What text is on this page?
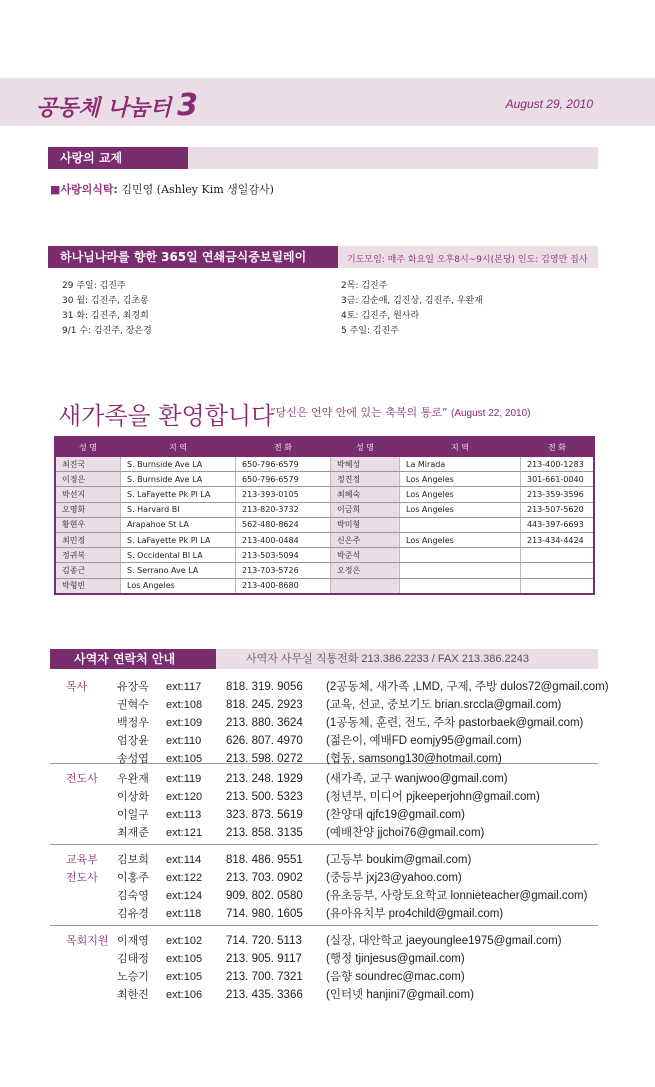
공동체 나눔터 3	August 29, 2010
사랑의 교제
■사랑의식탁: 김민영 (Ashley Kim 생일감사)
하나님나라를 향한 365일 연쇄금식중보릴레이	기도모임: 매주 화요일 오후8시~9시(본당) 인도: 김영만 집사
29 주일: 김진주
30 월: 김진주, 김초롱
31 화: 김진주, 최경희
9/1 수: 김진주, 장은경
2목: 김진주
3금: 김순애, 김진상, 김진주, 우완재
4토: 김진주, 원사라
5 주일: 김진주
새가족을 환영합니다
“당신은 언약 안에 있는 축복의 통로” (August 22, 2010)
성 명	지 역	전 화	성 명	지 역	전 화
최진국	S. Burnside Ave LA	650-796-6579	박혜성	La Mirada	213-400-1283
이정은	S. Burnside Ave LA	650-796-6579	정진정	Los Angeles	301-661-0040
박선지	S. LaFayette Pk Pl LA	213-393-0105	최혜숙	Los Angeles	213-359-3596
오명화	S. Harvard Bl	213-820-3732	이금희	Los Angeles	213-507-5620
황현우	Arapahoe St LA	562-480-8624	박미형		443-397-6693
최민정	S. LaFayette Pk Pl LA	213-400-0484	신은주	Los Angeles	213-434-4424
정귀복	S. Occidental Bl LA	213-503-5094	박준석		
김종근	S. Serrano Ave LA	213-703-5726	오정은		
박형빈	Los Angeles	213-400-8680			
사역자 연락처 안내	사역자 사무실 직통전화 213.386.2233 / FAX 213.386.2243
목사	유장옥 ext:117 818. 319. 9056 (2공동체, 새가족 ,LMD, 구제, 주방 dulos72@gmail.com)
권혁수 ext:108 818. 245. 2923 (교육, 선교, 중보기도 brian.srccla@gmail.com)
백정우 ext:109 213. 880. 3624 (1공동체, 훈련, 전도, 주차 pastorbaek@gmail.com)
엄장윤 ext:110 626. 807. 4970 (젊은이, 예배FD eomjy95@gmail.com)
송성엽 ext:105 213. 598. 0272 (협동, samsong130@hotmail.com)
전도사 우완재 ext:119 213. 248. 1929 (새가족, 교구 wanjwoo@gmail.com)
이상화 ext:120 213. 500. 5323 (청년부, 미디어 pjkeeperjohn@gmail.com)
이일구 ext:113 323. 873. 5619 (찬양대 qjfc19@gmail.com)
최재준 ext:121 213. 858. 3135 (예배찬양 jjchoi76@gmail.com)
교육부 김보희 ext:114 818. 486. 9551 (고등부 boukim@gmail.com)
전도사 이홍주 ext:122 213. 703. 0902 (중등부 jxj23@yahoo.com)
김숙영 ext:124 909. 802. 0580 (유초등부, 사랑토요학교 lonnieteacher@gmail.com)
김유경 ext:118 714. 980. 1605 (유아유치부 pro4child@gmail.com)
목회지원 이재영 ext:102 714. 720. 5113 (실장, 대안학교 jaeyounglee1975@gmail.com)
김태정 ext:105 213. 905. 9117 (행정 tjinjesus@gmail.com)
노승기 ext:105 213. 700. 7321 (음향 soundrec@mac.com)
최한진 ext:106 213. 435. 3366 (인터넷 hanjini7@gmail.com)
